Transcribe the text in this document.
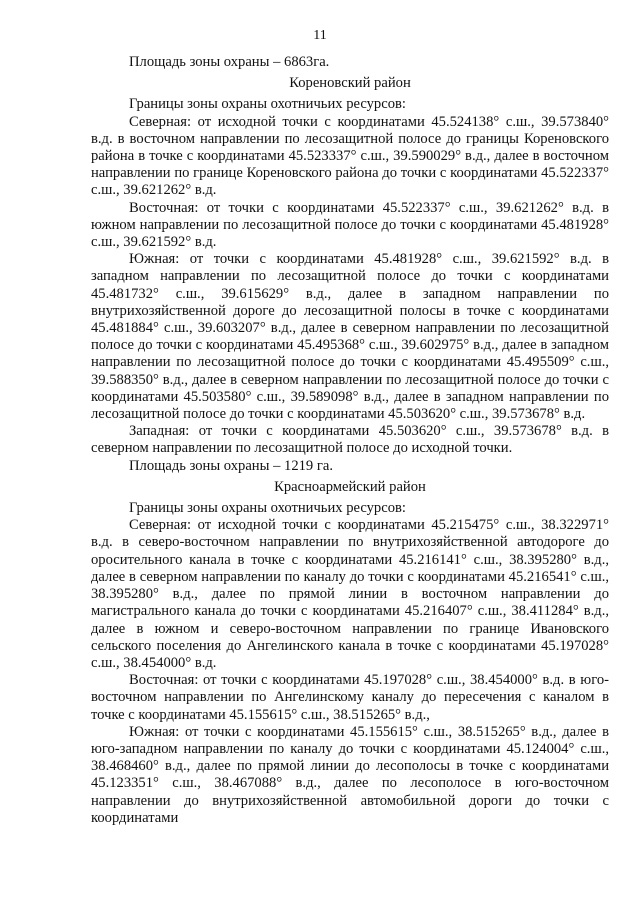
11

Площадь зоны охраны – 6863га.

Кореновский район

Границы зоны охраны охотничьих ресурсов:

Северная: от исходной точки с координатами 45.524138° с.ш., 39.573840° в.д. в восточном направлении по лесозащитной полосе до границы Кореновского района в точке с координатами 45.523337° с.ш., 39.590029° в.д., далее в восточном направлении по границе Кореновского района до точки с координатами 45.522337° с.ш., 39.621262° в.д.

Восточная: от точки с координатами 45.522337° с.ш., 39.621262° в.д. в южном направлении по лесозащитной полосе до точки с координатами 45.481928° с.ш., 39.621592° в.д.

Южная: от точки с координатами 45.481928° с.ш., 39.621592° в.д. в западном направлении по лесозащитной полосе до точки с координатами 45.481732° с.ш., 39.615629° в.д., далее в западном направлении по внутрихозяйственной дороге до лесозащитной полосы в точке с координатами 45.481884° с.ш., 39.603207° в.д., далее в северном направлении по лесозащитной полосе до точки с координатами 45.495368° с.ш., 39.602975° в.д., далее в западном направлении по лесозащитной полосе до точки с координатами 45.495509° с.ш., 39.588350° в.д., далее в северном направлении по лесозащитной полосе до точки с координатами 45.503580° с.ш., 39.589098° в.д., далее в западном направлении по лесозащитной полосе до точки с координатами 45.503620° с.ш., 39.573678° в.д.

Западная: от точки с координатами 45.503620° с.ш., 39.573678° в.д. в северном направлении по лесозащитной полосе до исходной точки.

Площадь зоны охраны – 1219 га.

Красноармейский район

Границы зоны охраны охотничьих ресурсов:

Северная: от исходной точки с координатами 45.215475° с.ш., 38.322971° в.д. в северо-восточном направлении по внутрихозяйственной автодороге до оросительного канала в точке с координатами 45.216141° с.ш., 38.395280° в.д., далее в северном направлении по каналу до точки с координатами 45.216541° с.ш., 38.395280° в.д., далее по прямой линии в восточном направлении до магистрального канала до точки с координатами 45.216407° с.ш., 38.411284° в.д., далее в южном и северо-восточном направлении по границе Ивановского сельского поселения до Ангелинского канала в точке с координатами 45.197028° с.ш., 38.454000° в.д.

Восточная: от точки с координатами 45.197028° с.ш., 38.454000° в.д. в юго-восточном направлении по Ангелинскому каналу до пересечения с каналом в точке с координатами 45.155615° с.ш., 38.515265° в.д.,

Южная: от точки с координатами 45.155615° с.ш., 38.515265° в.д., далее в юго-западном направлении по каналу до точки с координатами 45.124004° с.ш., 38.468460° в.д., далее по прямой линии до лесополосы в точке с координатами 45.123351° с.ш., 38.467088° в.д., далее по лесополосе в юго-восточном направлении до внутрихозяйственной автомобильной дороги до точки с координатами
